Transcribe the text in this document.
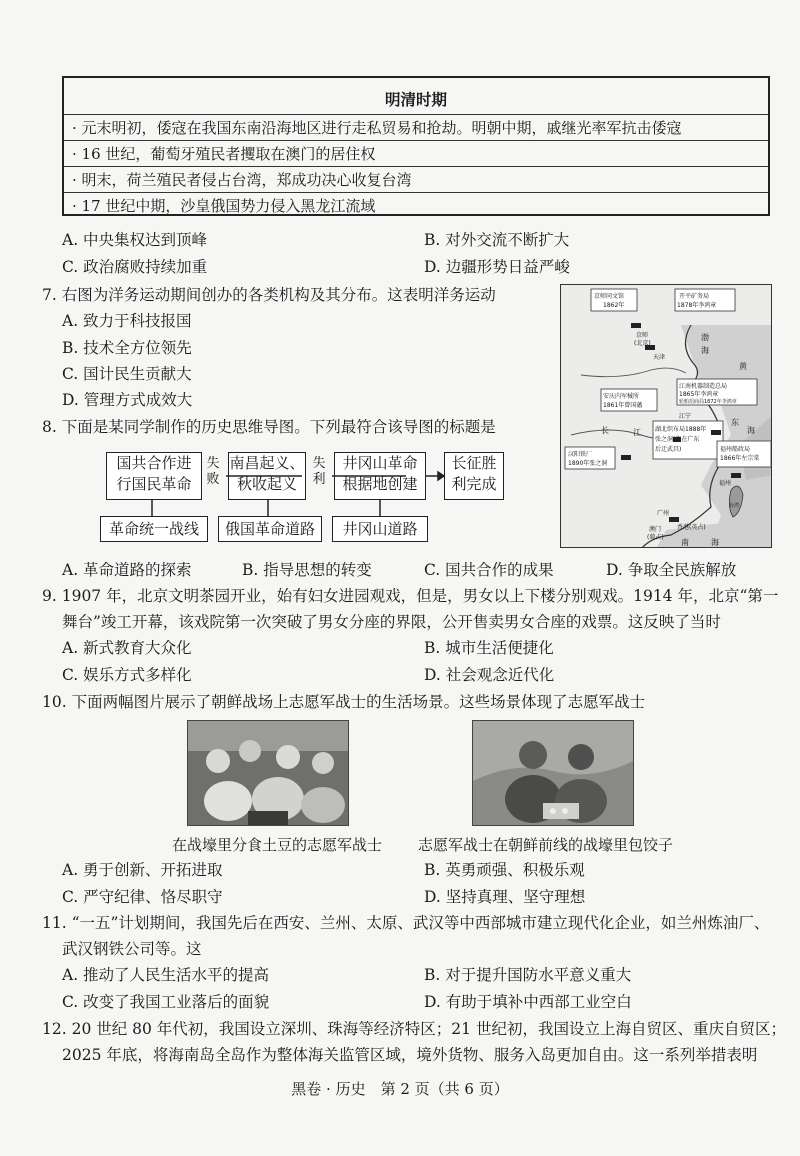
明清时期
· 元末明初，倭寇在我国东南沿海地区进行走私贸易和抢劫。明朝中期，戚继光率军抗击倭寇
· 16 世纪，葡萄牙殖民者攫取在澳门的居住权
· 明末，荷兰殖民者侵占台湾，郑成功决心收复台湾
· 17 世纪中期，沙皇俄国势力侵入黑龙江流域
A. 中央集权达到顶峰	B. 对外交流不断扩大
C. 政治腐败持续加重	D. 边疆形势日益严峻
7. 右图为洋务运动期间创办的各类机构及其分布。这表明洋务运动
A. 致力于科技报国
B. 技术全方位领先
C. 国计民生贡献大
D. 管理方式成效大
京师同文馆
1862年
开平矿务局
1878年李鸿章
京师
(北京)
天津
渤
海
黄
安庆内军械所
1861年曾国藩
江南机器制造总局
1865年李鸿章
轮船招商局1872年李鸿章
湖北织布局1888年
张之洞(先在广东
后迁武昌)
汉阳铁厂
1890年张之洞
福州船政局
1866年左宗棠
江宁
长	江
东
海
福州
广州
香港(英占)
澳门
(葡占)
南	海
台湾
8. 下面是某同学制作的历史思维导图。下列最符合该导图的标题是
国共合作进
行国民革命
失败
南昌起义、
秋收起义
失利
井冈山革命
根据地创建
长征胜
利完成
革命统一战线	俄国革命道路	井冈山道路
A. 革命道路的探索	B. 指导思想的转变	C. 国共合作的成果	D. 争取全民族解放
9. 1907 年，北京文明茶园开业，始有妇女进园观戏，但是，男女以上下楼分别观戏。1914 年，北京“第一
舞台”竣工开幕，该戏院第一次突破了男女分座的界限，公开售卖男女合座的戏票。这反映了当时
A. 新式教育大众化	B. 城市生活便捷化
C. 娱乐方式多样化	D. 社会观念近代化
10. 下面两幅图片展示了朝鲜战场上志愿军战士的生活场景。这些场景体现了志愿军战士
在战壕里分食土豆的志愿军战士 志愿军战士在朝鲜前线的战壕里包饺子
A. 勇于创新、开拓进取	B. 英勇顽强、积极乐观
C. 严守纪律、恪尽职守	D. 坚持真理、坚守理想
11. “一五”计划期间，我国先后在西安、兰州、太原、武汉等中西部城市建立现代化企业，如兰州炼油厂、
武汉钢铁公司等。这
A. 推动了人民生活水平的提高	B. 对于提升国防水平意义重大
C. 改变了我国工业落后的面貌	D. 有助于填补中西部工业空白
12. 20 世纪 80 年代初，我国设立深圳、珠海等经济特区；21 世纪初，我国设立上海自贸区、重庆自贸区；
2025 年底，将海南岛全岛作为整体海关监管区域，境外货物、服务入岛更加自由。这一系列举措表明
黑卷 · 历史　第 2 页（共 6 页）
